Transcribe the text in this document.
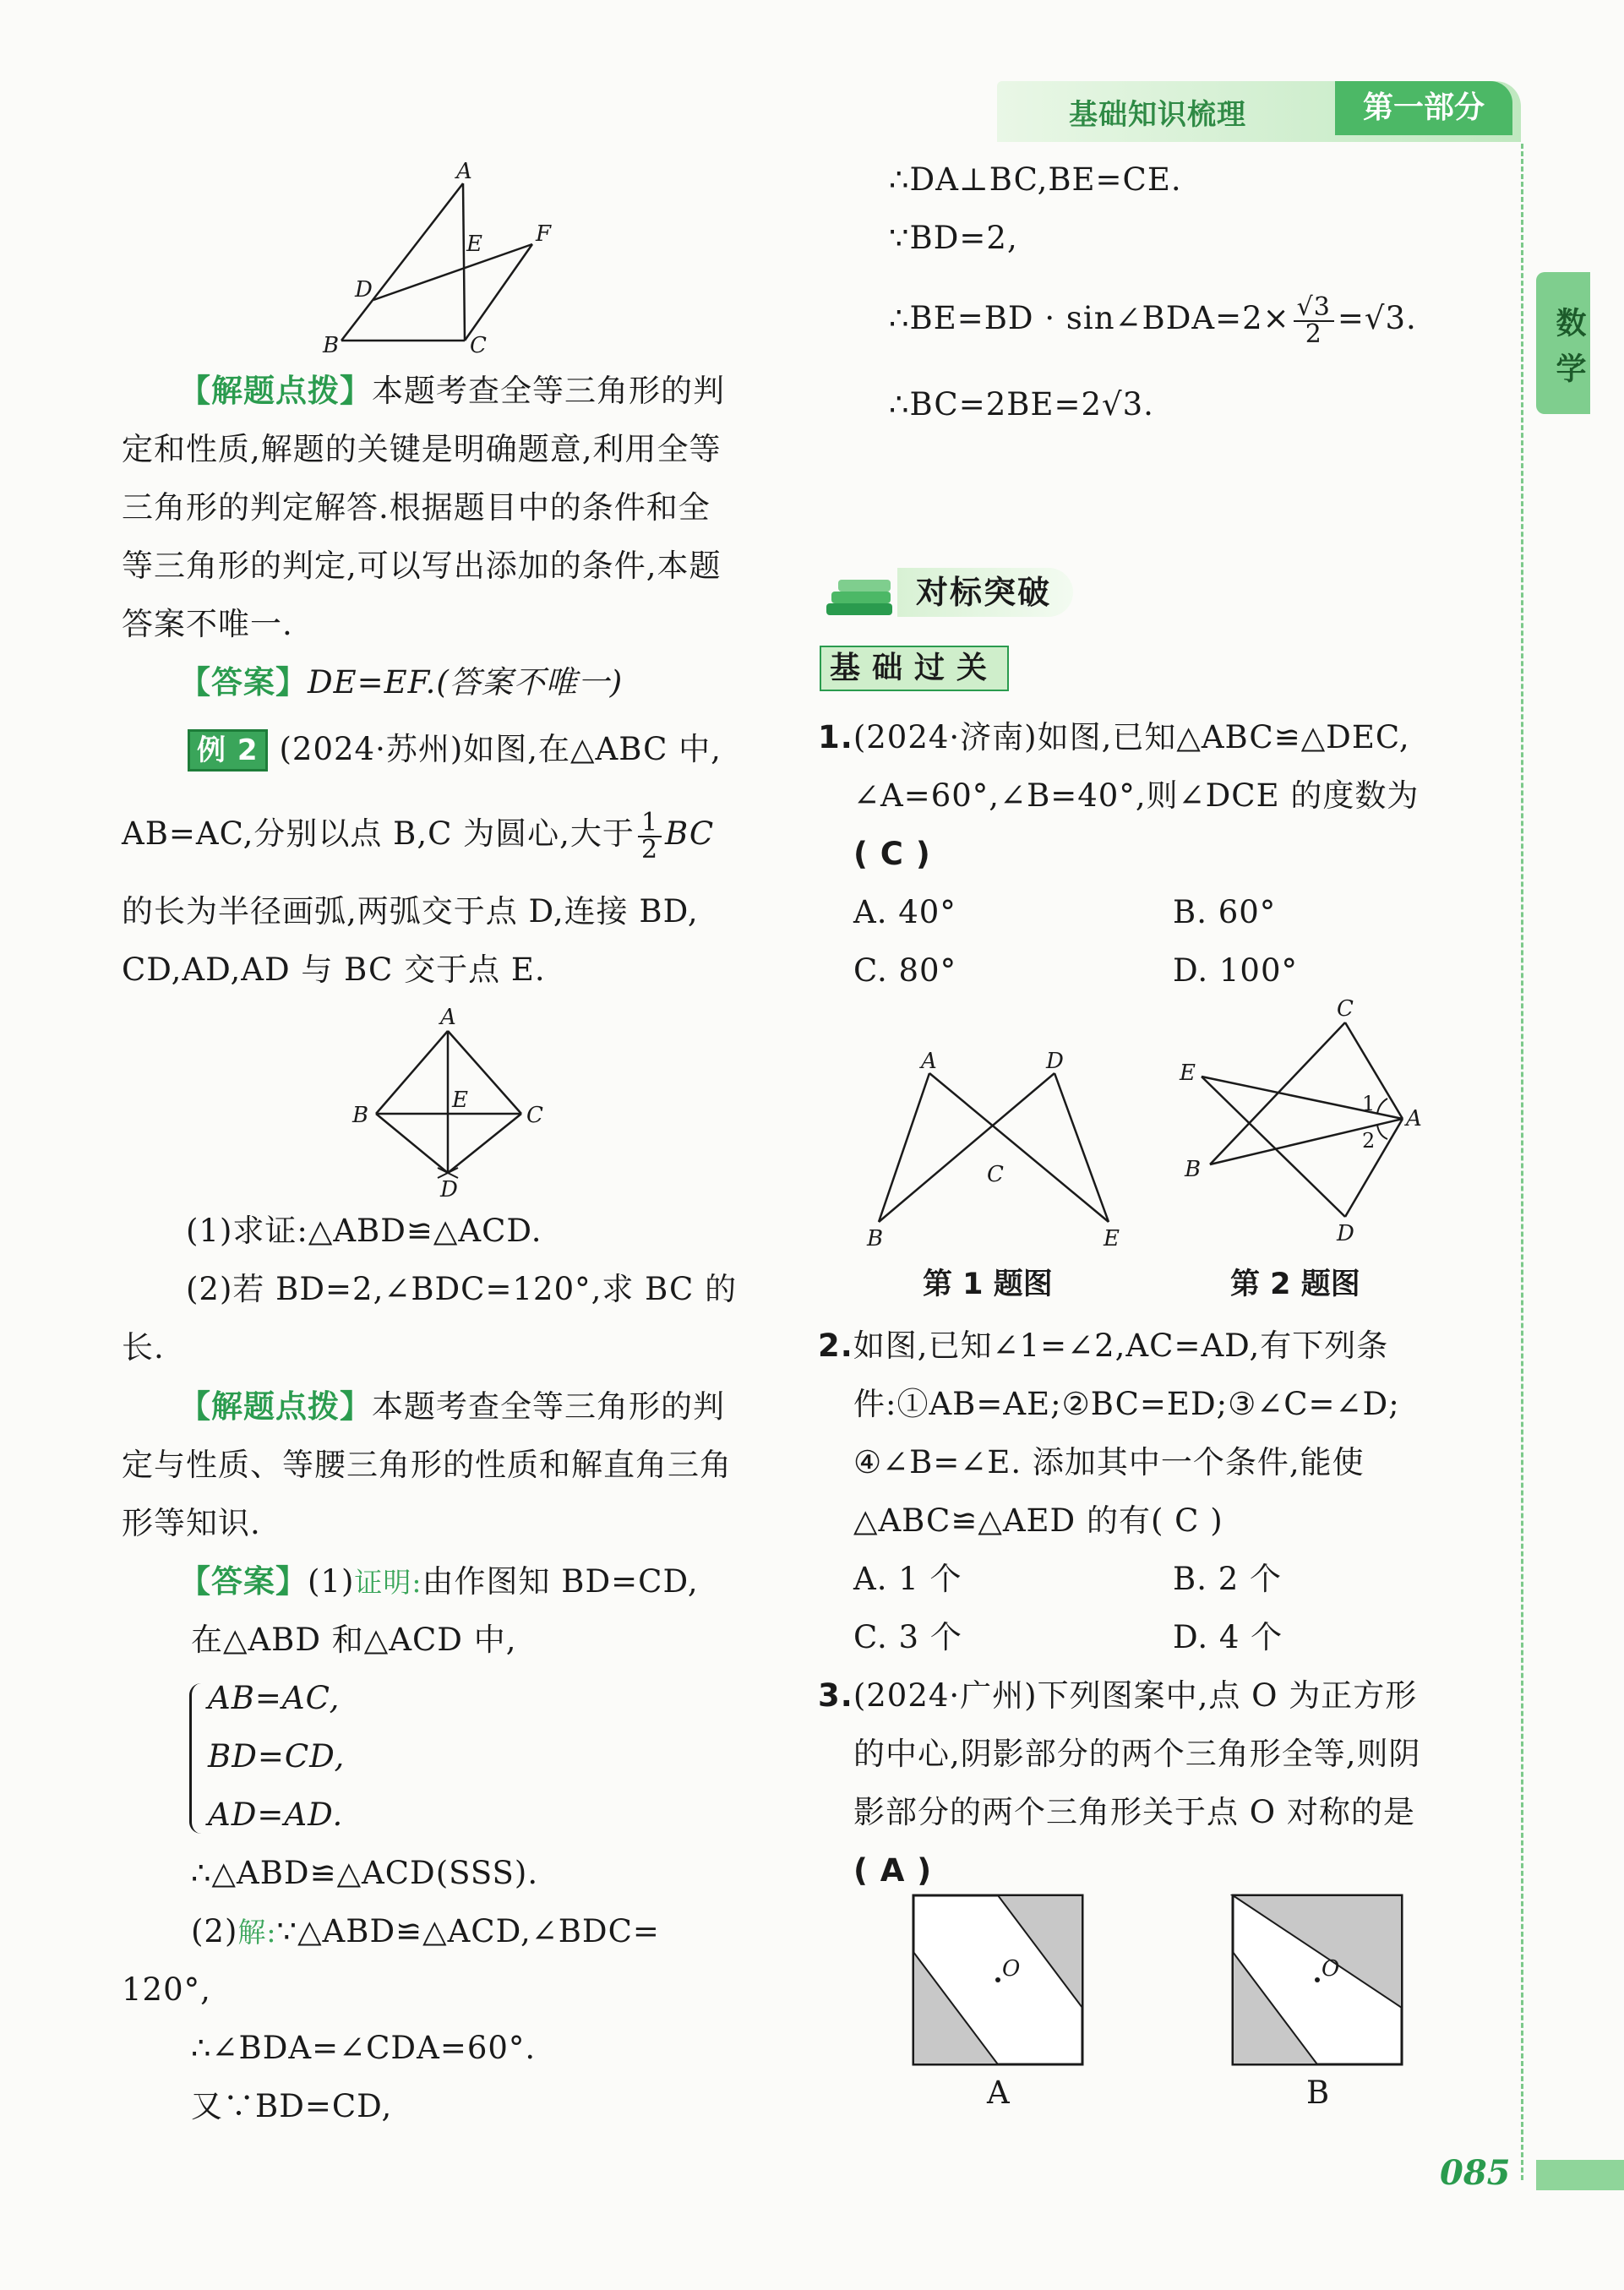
基础知识梳理	第一部分
数学
085
A
E F
D
B	C
【解题点拨】本题考查全等三角形的判
定和性质,解题的关键是明确题意,利用全等
三角形的判定解答.根据题目中的条件和全
等三角形的判定,可以写出添加的条件,本题
答案不唯一.
【答案】DE=EF.(答案不唯一)
例 2 (2024·苏州)如图,在△ABC 中,
AB=AC,分别以点 B,C 为圆心,大于 $\frac{1}{2}$ BC
的长为半径画弧,两弧交于点 D,连接 BD,
CD,AD,AD 与 BC 交于点 E.
A
B	C
E
D
(1)求证:△ABD≌△ACD.
(2)若 BD=2,∠BDC=120°,求 BC 的
长.
【解题点拨】本题考查全等三角形的判
定与性质、等腰三角形的性质和解直角三角
形等知识.
【答案】(1)证明:由作图知 BD=CD,
在△ABD 和△ACD 中,
AB=AC,
BD=CD,
AD=AD.
∴△ABD≌△ACD(SSS).
(2)解:∵△ABD≌△ACD,∠BDC=
120°,
∴∠BDA=∠CDA=60°.
又∵BD=CD,
∴DA⊥BC,BE=CE.
∵BD=2,
∴BE=BD · sin∠BDA=2× $\frac{√3}{2} =√3$.
∴BC=2BE=2√3.
对标突破
基础过关
1.(2024·济南)如图,已知△ABC≌△DEC,
∠A=60°,∠B=40°,则∠DCE 的度数为
( C )
A. 40°	B. 60°
C. 80°	D. 100°
A	D
C
B	E
C
E
A
B
D
1
2
第 1 题图	第 2 题图
2.如图,已知∠1=∠2,AC=AD,有下列条
件:①AB=AE;②BC=ED;③∠C=∠D;
④∠B=∠E. 添加其中一个条件,能使
△ABC≌△AED 的有( C )
A. 1 个	B. 2 个
C. 3 个	D. 4 个
3.(2024·广州)下列图案中,点 O 为正方形
的中心,阴影部分的两个三角形全等,则阴
影部分的两个三角形关于点 O 对称的是
( A )
O
A
O
B
